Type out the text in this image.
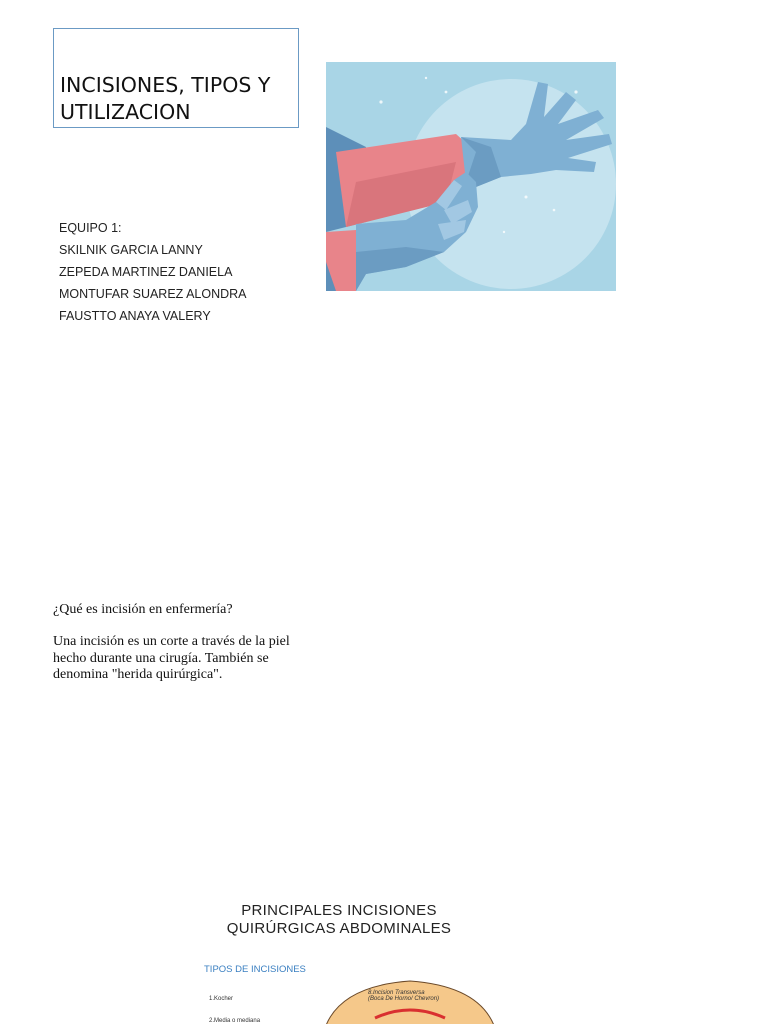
INCISIONES, TIPOS Y UTILIZACION
EQUIPO 1:
SKILNIK GARCIA LANNY
ZEPEDA MARTINEZ DANIELA
MONTUFAR SUAREZ ALONDRA
FAUSTTO ANAYA VALERY
¿Qué es incisión en enfermería?
Una incisión es un corte a través de la piel hecho durante una cirugía. También se denomina "herida quirúrgica".
PRINCIPALES INCISIONES
QUIRÚRGICAS ABDOMINALES
TIPOS DE INCISIONES
1.Kocher
2.Media o mediana
8.Incision Transversa
(Boca De Horno/ Chevron)
